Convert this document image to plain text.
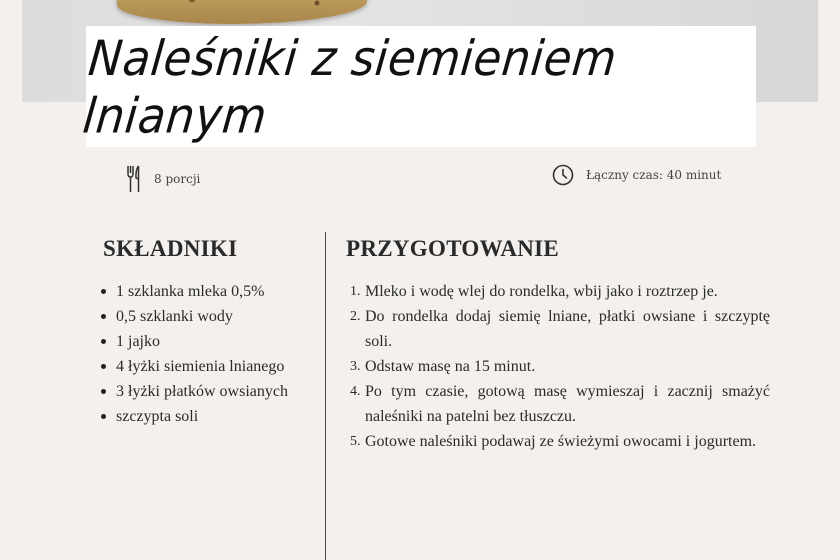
Naleśniki z siemieniem lnianym
8 porcji	Łączny czas: 40 minut
SKŁADNIKI
1 szklanka mleka 0,5%
0,5 szklanki wody
1 jajko
4 łyżki siemienia lnianego
3 łyżki płatków owsianych
szczypta soli
PRZYGOTOWANIE
1. Mleko i wodę wlej do rondelka, wbij jako i roztrzep je.
2. Do rondelka dodaj siemię lniane, płatki owsiane i szczyptę soli.
3. Odstaw masę na 15 minut.
4. Po tym czasie, gotową masę wymieszaj i zacznij smażyć naleśniki na patelni bez tłuszczu.
5. Gotowe naleśniki podawaj ze świeżymi owocami i jogurtem.
